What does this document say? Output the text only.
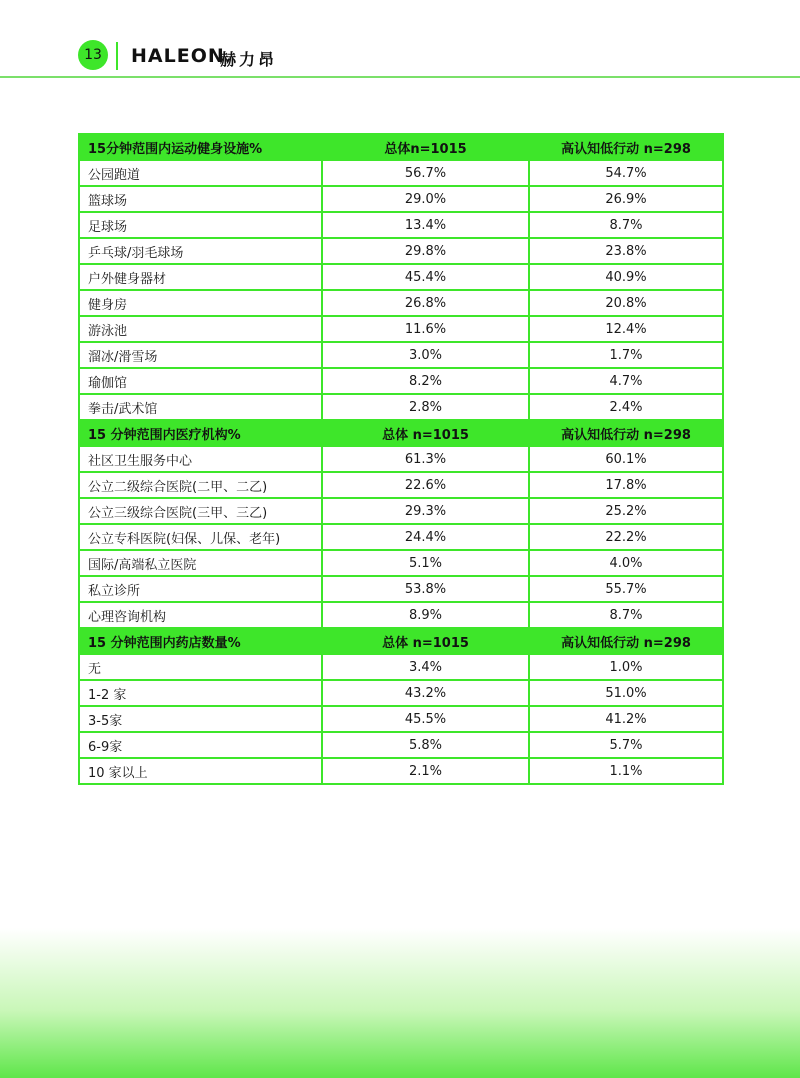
13	HALEON
赫力昂
15分钟范围内运动健身设施%	总体n=1015	高认知低行动 n=298
公园跑道	56.7%	54.7%
篮球场	29.0%	26.9%
足球场	13.4%	8.7%
乒乓球/羽毛球场	29.8%	23.8%
户外健身器材	45.4%	40.9%
健身房	26.8%	20.8%
游泳池	11.6%	12.4%
溜冰/滑雪场	3.0%	1.7%
瑜伽馆	8.2%	4.7%
拳击/武术馆	2.8%	2.4%
15 分钟范围内医疗机构%	总体 n=1015	高认知低行动 n=298
社区卫生服务中心	61.3%	60.1%
公立二级综合医院(二甲、二乙)	22.6%	17.8%
公立三级综合医院(三甲、三乙)	29.3%	25.2%
公立专科医院(妇保、儿保、老年)	24.4%	22.2%
国际/高端私立医院	5.1%	4.0%
私立诊所	53.8%	55.7%
心理咨询机构	8.9%	8.7%
15 分钟范围内药店数量%	总体 n=1015	高认知低行动 n=298
无	3.4%	1.0%
1-2 家	43.2%	51.0%
3-5家	45.5%	41.2%
6-9家	5.8%	5.7%
10 家以上	2.1%	1.1%
